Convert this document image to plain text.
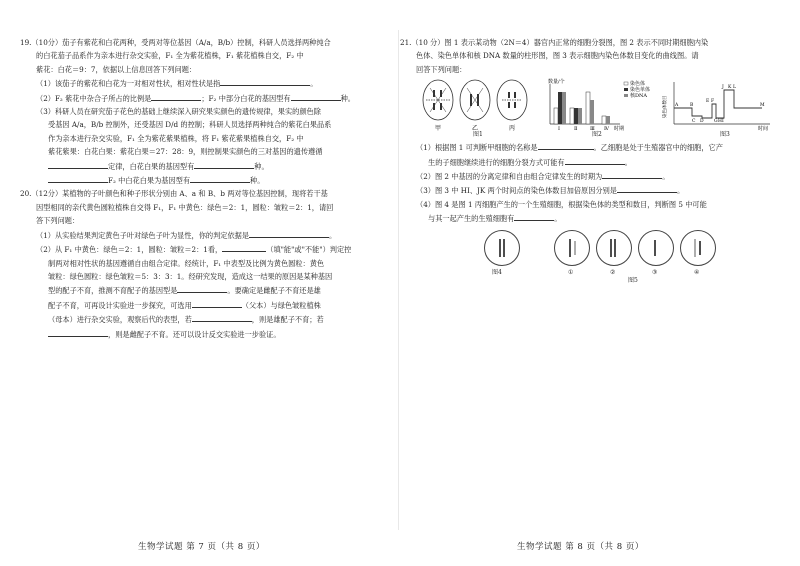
19.（10分）茄子有紫花和白花两种，受两对等位基因（A/a，B/b）控制，科研人员选择两种纯合

的白花茄子品系作为亲本进行杂交实验，F₁ 全为紫花植株，F₁ 紫花植株自交，F₂ 中

紫花：白花＝9：7，依据以上信息回答下列问题：

（1）该茄子的紫花和白花为一对相对性状，相对性状是指	。

（2）F₂ 紫花中杂合子所占的比例是	；F₂ 中部分白花的基因型有	种。

（3）科研人员在研究茄子花色的基础上继续深入研究果实颜色的遗传规律，果实的颜色除

受基因 A/a，B/b 控制外，还受基因 D/d 的控制；科研人员选择两种纯合的紫花白果品系

作为亲本进行杂交实验，F₁ 全为紫花紫果植株，将 F₁ 紫花紫果植株自交，F₂ 中

紫花紫果：白花白果：紫花白果＝27：28：9，则控制果实颜色的三对基因的遗传遵循

定律，白花白果的基因型有	种。

F₂ 中白花白果为基因型有	种。

20.（12分）某植物的子叶颜色和种子形状分别由 A、a 和 B、b 两对等位基因控制，现将若干基

因型相同的亲代黄色圆粒植株自交得 F₁，F₁ 中黄色：绿色＝2：1，圆粒：皱粒＝2：1，请回

答下列问题：

（1）从实验结果判定黄色子叶对绿色子叶为显性，你的判定依据是	。

（2）从 F₁ 中黄色：绿色＝2：1，圆粒：皱粒＝2：1看，	（填"能"或"不能"）判定控

制两对相对性状的基因遵循自由组合定律。经统计，F₁ 中表型及比例为黄色圆粒：黄色

皱粒：绿色圆粒：绿色皱粒＝5：3：3：1。经研究发现，造成这一结果的原因是某种基因

型的配子不育，推测不育配子的基因型是	。要确定是雌配子不育还是雄

配子不育，可再设计实验进一步探究，可选用	（父本）与绿色皱粒植株

（母本）进行杂交实验，观察后代的表型，若	，则是雄配子不育；若

，则是雌配子不育。还可以设计反交实验进一步验证。

生物学试题 第 7 页（共 8 页）

21.（10 分）图 1 表示某动物（2N＝4）器官内正常的细胞分裂图，图 2 表示不同时期细胞内染

色体、染色单体和核 DNA 数量的柱形图，图 3 表示细胞内染色体数目变化的曲线图。请

回答下列问题：

甲	乙	丙
图1
数量/个	染色体
染色单体
核DNA
Ⅰ	Ⅱ	Ⅲ Ⅳ 时期
图2
染色体数目 A	B
C D
E F
G H I
J K L
M
时间
图3

（1）根据图 1 可判断甲细胞的名称是	。乙细胞是处于生殖器官中的细胞，它产

生的子细胞继续进行的细胞分裂方式可能有	。

（2）图 2 中基因的分离定律和自由组合定律发生的时期为	。

（3）图 3 中 HI、JK 两个时间点的染色体数目加倍原因分别是	。

（4）图 4 是图 1 丙细胞产生的一个生殖细胞，根据染色体的类型和数目，判断图 5 中可能

与其一起产生的生殖细胞有	。

图4	①	②	③	④
图5
生物学试题 第 8 页（共 8 页）
